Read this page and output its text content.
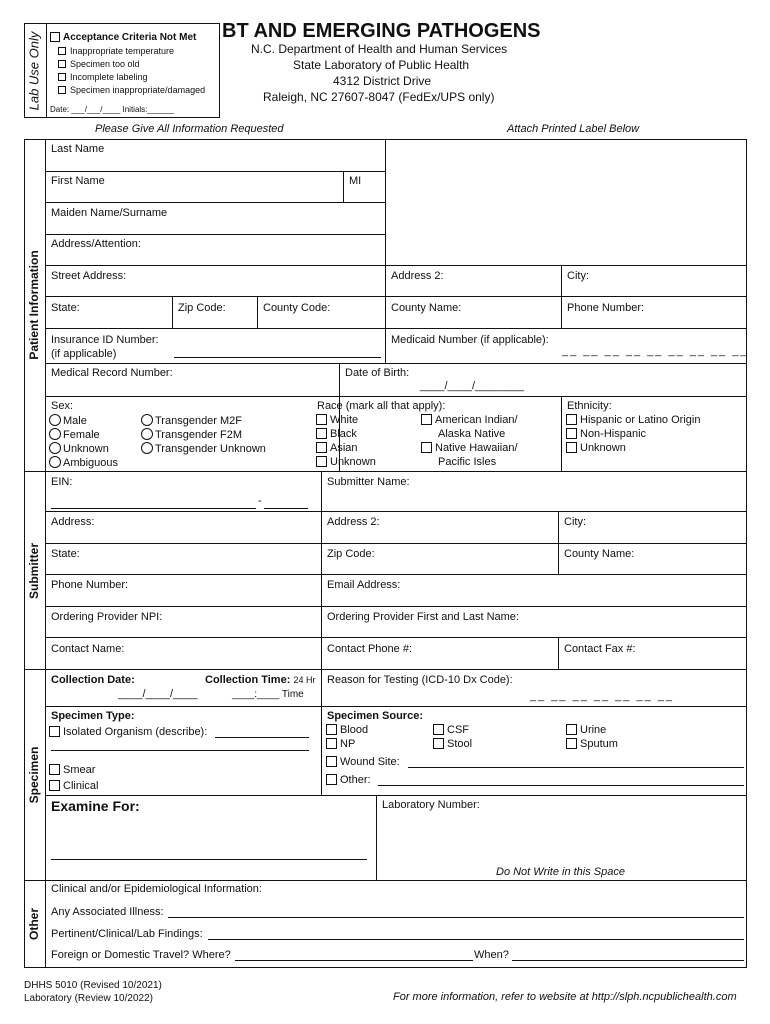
Lab Use Only	Acceptance Criteria Not Met
Inappropriate temperature
Specimen too old
Incomplete labeling
Specimen inappropriate/damaged
Date: ___/___/____ Initials:______
BT AND EMERGING PATHOGENS
N.C. Department of Health and Human Services
State Laboratory of Public Health
4312 District Drive
Raleigh, NC 27607-8047 (FedEx/UPS only)
Please Give All Information Requested	Attach Printed Label Below
Patient Information
Submitter
Specimen
Other
Last Name
First Name	MI
Maiden Name/Surname
Address/Attention:
Street Address:	Address 2:	City:
State:	Zip Code:	County Code:	County Name:	Phone Number:
Insurance ID Number:
(if applicable)
Medicaid Number (if applicable):
__ __ __ __ __ __ __ __ __
Medical Record Number:	Date of Birth:
____/____/________
Sex:
Male
Female
Unknown
Ambiguous
Transgender M2F
Transgender F2M
Transgender Unknown
Race (mark all that apply):
White
Black
Asian
Unknown
American Indian/
Alaska Native
Native Hawaiian/
Pacific Isles
Ethnicity:
Hispanic or Latino Origin
Non-Hispanic
Unknown
EIN:
-
Submitter Name:
Address:	Address 2:	City:
State:	Zip Code:	County Name:
Phone Number:	Email Address:
Ordering Provider NPI:	Ordering Provider First and Last Name:
Contact Name:	Contact Phone #:	Contact Fax #:
Collection Date:
____/____/____
Collection Time: 24 Hr
____:____ Time
Reason for Testing (ICD-10 Dx Code):
__ __ __ __ __ __ __
Specimen Type:
Isolated Organism (describe):
Smear
Clinical
Specimen Source:
Blood
NP
CSF
Stool
Urine
Sputum
Wound Site:
Other:
Examine For:	Laboratory Number:
Do Not Write in this Space
Clinical and/or Epidemiological Information:
Any Associated Illness:
Pertinent/Clinical/Lab Findings:
Foreign or Domestic Travel? Where?	When?
DHHS 5010 (Revised 10/2021)
Laboratory (Review 10/2022)	For more information, refer to website at http://slph.ncpublichealth.com
